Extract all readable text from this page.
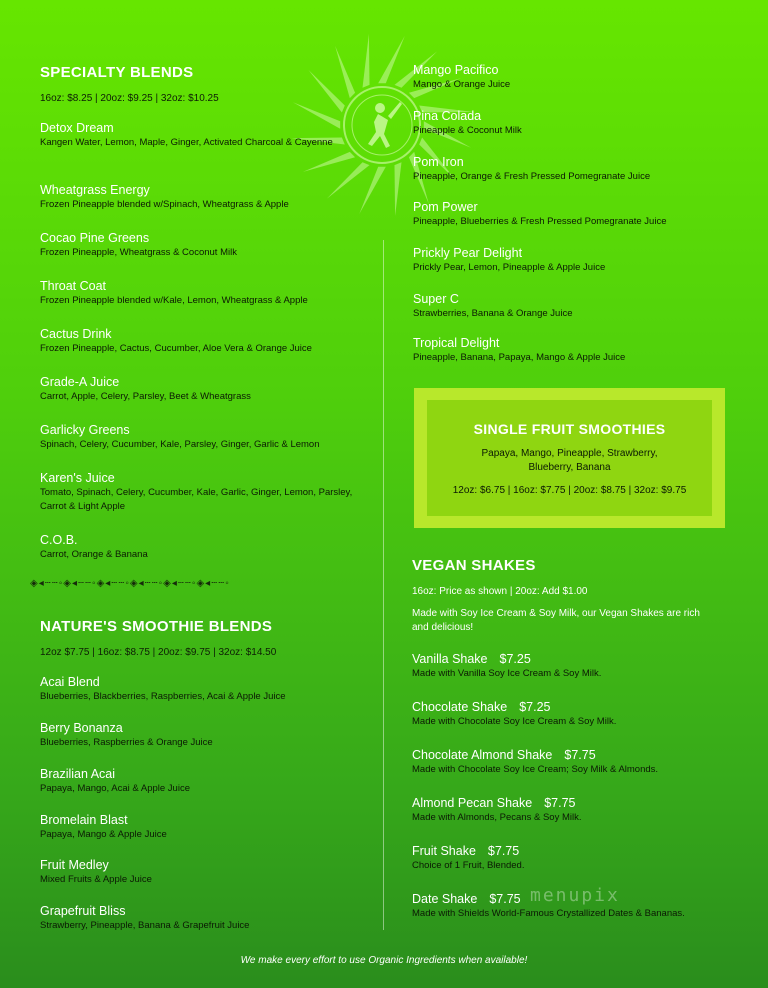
SPECIALTY BLENDS
16oz: $8.25 | 20oz: $9.25 | 32oz: $10.25
Detox Dream
Kangen Water, Lemon, Maple, Ginger, Activated Charcoal & Cayenne
Wheatgrass Energy
Frozen Pineapple blended w/Spinach, Wheatgrass & Apple
Cocao Pine Greens
Frozen Pineapple, Wheatgrass & Coconut Milk
Throat Coat
Frozen Pineapple blended w/Kale, Lemon, Wheatgrass & Apple
Cactus Drink
Frozen Pineapple, Cactus, Cucumber, Aloe Vera & Orange Juice
Grade-A Juice
Carrot, Apple, Celery, Parsley, Beet & Wheatgrass
Garlicky Greens
Spinach, Celery, Cucumber, Kale, Parsley, Ginger, Garlic & Lemon
Karen's Juice
Tomato, Spinach, Celery, Cucumber, Kale, Garlic, Ginger, Lemon, Parsley, Carrot & Light Apple
C.O.B.
Carrot, Orange & Banana
◈◂┄┄◦◈◂┄┄◦◈◂┄┄◦◈◂┄┄◦◈◂┄┄◦◈◂┄┄◦
NATURE'S SMOOTHIE BLENDS
12oz $7.75 | 16oz: $8.75 | 20oz: $9.75 | 32oz: $14.50
Acai Blend
Blueberries, Blackberries, Raspberries, Acai & Apple Juice
Berry Bonanza
Blueberries, Raspberries & Orange Juice
Brazilian Acai
Papaya, Mango, Acai & Apple Juice
Bromelain Blast
Papaya, Mango & Apple Juice
Fruit Medley
Mixed Fruits & Apple Juice
Grapefruit Bliss
Strawberry, Pineapple, Banana & Grapefruit Juice
Mango Pacifico
Mango & Orange Juice
Pina Colada
Pineapple & Coconut Milk
Pom Iron
Pineapple, Orange & Fresh Pressed Pomegranate Juice
Pom Power
Pineapple, Blueberries & Fresh Pressed Pomegranate Juice
Prickly Pear Delight
Prickly Pear, Lemon, Pineapple & Apple Juice
Super C
Strawberries, Banana & Orange Juice
Tropical Delight
Pineapple, Banana, Papaya, Mango & Apple Juice
SINGLE FRUIT SMOOTHIES
Papaya, Mango, Pineapple, Strawberry, Blueberry, Banana
12oz: $6.75 | 16oz: $7.75 | 20oz: $8.75 | 32oz: $9.75
VEGAN SHAKES
16oz: Price as shown | 20oz: Add $1.00
Made with Soy Ice Cream & Soy Milk, our Vegan Shakes are rich and delicious!
Vanilla Shake $7.25
Made with Vanilla Soy Ice Cream & Soy Milk.
Chocolate Shake $7.25
Made with Chocolate Soy Ice Cream & Soy Milk.
Chocolate Almond Shake $7.75
Made with Chocolate Soy Ice Cream; Soy Milk & Almonds.
Almond Pecan Shake $7.75
Made with Almonds, Pecans & Soy Milk.
Fruit Shake $7.75
Choice of 1 Fruit, Blended.
Date Shake $7.75
Made with Shields World-Famous Crystallized Dates & Bananas.
menupix
We make every effort to use Organic Ingredients when available!
